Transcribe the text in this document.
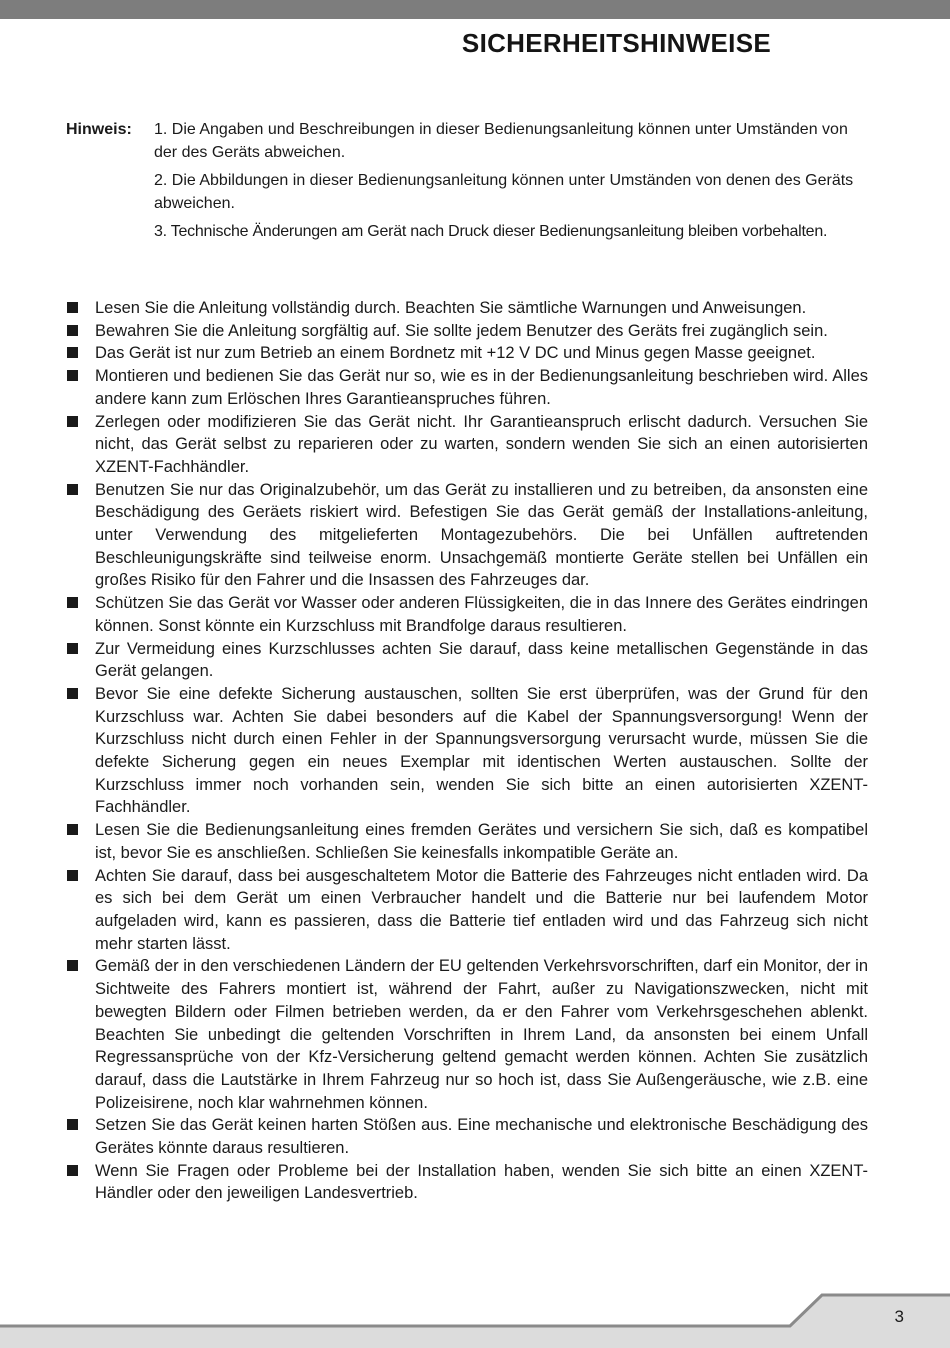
SICHERHEITSHINWEISE
Hinweis: 1. Die Angaben und Beschreibungen in dieser Bedienungsanleitung können unter Umständen von der des Geräts abweichen.
2. Die Abbildungen in dieser Bedienungsanleitung können unter Umständen von denen des Geräts abweichen.
3. Technische Änderungen am Gerät nach Druck dieser Bedienungsanleitung bleiben vorbehalten.
Lesen Sie die Anleitung vollständig durch. Beachten Sie sämtliche Warnungen und Anweisungen.
Bewahren Sie die Anleitung sorgfältig auf. Sie sollte jedem Benutzer des Geräts frei zugänglich sein.
Das Gerät ist nur zum Betrieb an einem Bordnetz mit +12 V DC und Minus gegen Masse geeignet.
Montieren und bedienen Sie das Gerät nur so, wie es in der Bedienungsanleitung beschrieben wird. Alles andere kann zum Erlöschen Ihres Garantieanspruches führen.
Zerlegen oder modifizieren Sie das Gerät nicht. Ihr Garantieanspruch erlischt dadurch. Versuchen Sie nicht, das Gerät selbst zu reparieren oder zu warten, sondern wenden Sie sich an einen autorisierten XZENT-Fachhändler.
Benutzen Sie nur das Originalzubehör, um das Gerät zu installieren und zu betreiben, da ansonsten eine Beschädigung des Geräets riskiert wird. Befestigen Sie das Gerät gemäß der Installations-anleitung, unter Verwendung des mitgelieferten Montagezubehörs. Die bei Unfällen auftretenden Beschleunigungskräfte sind teilweise enorm. Unsachgemäß montierte Geräte stellen bei Unfällen ein großes Risiko für den Fahrer und die Insassen des Fahrzeuges dar.
Schützen Sie das Gerät vor Wasser oder anderen Flüssigkeiten, die in das Innere des Gerätes eindringen können. Sonst könnte ein Kurzschluss mit Brandfolge daraus resultieren.
Zur Vermeidung eines Kurzschlusses achten Sie darauf, dass keine metallischen Gegenstände in das Gerät gelangen.
Bevor Sie eine defekte Sicherung austauschen, sollten Sie erst überprüfen, was der Grund für den Kurzschluss war. Achten Sie dabei besonders auf die Kabel der Spannungsversorgung! Wenn der Kurzschluss nicht durch einen Fehler in der Spannungsversorgung verursacht wurde, müssen Sie die defekte Sicherung gegen ein neues Exemplar mit identischen Werten austauschen. Sollte der Kurzschluss immer noch vorhanden sein, wenden Sie sich bitte an einen autorisierten XZENT-Fachhändler.
Lesen Sie die Bedienungsanleitung eines fremden Gerätes und versichern Sie sich, daß es kompatibel ist, bevor Sie es anschließen. Schließen Sie keinesfalls inkompatible Geräte an.
Achten Sie darauf, dass bei ausgeschaltetem Motor die Batterie des Fahrzeuges nicht entladen wird. Da es sich bei dem Gerät um einen Verbraucher handelt und die Batterie nur bei laufendem Motor aufgeladen wird, kann es passieren, dass die Batterie tief entladen wird und das Fahrzeug sich nicht mehr starten lässt.
Gemäß der in den verschiedenen Ländern der EU geltenden Verkehrsvorschriften, darf ein Monitor, der in Sichtweite des Fahrers montiert ist, während der Fahrt, außer zu Navigationszwecken, nicht mit bewegten Bildern oder Filmen betrieben werden, da er den Fahrer vom Verkehrsgeschehen ablenkt. Beachten Sie unbedingt die geltenden Vorschriften in Ihrem Land, da ansonsten bei einem Unfall Regressansprüche von der Kfz-Versicherung geltend gemacht werden können. Achten Sie zusätzlich darauf, dass die Lautstärke in Ihrem Fahrzeug nur so hoch ist, dass Sie Außengeräusche, wie z.B. eine Polizeisirene, noch klar wahrnehmen können.
Setzen Sie das Gerät keinen harten Stößen aus. Eine mechanische und elektronische Beschädigung des Gerätes könnte daraus resultieren.
Wenn Sie Fragen oder Probleme bei der Installation haben, wenden Sie sich bitte an einen XZENT-Händler oder den jeweiligen Landesvertrieb.
3
